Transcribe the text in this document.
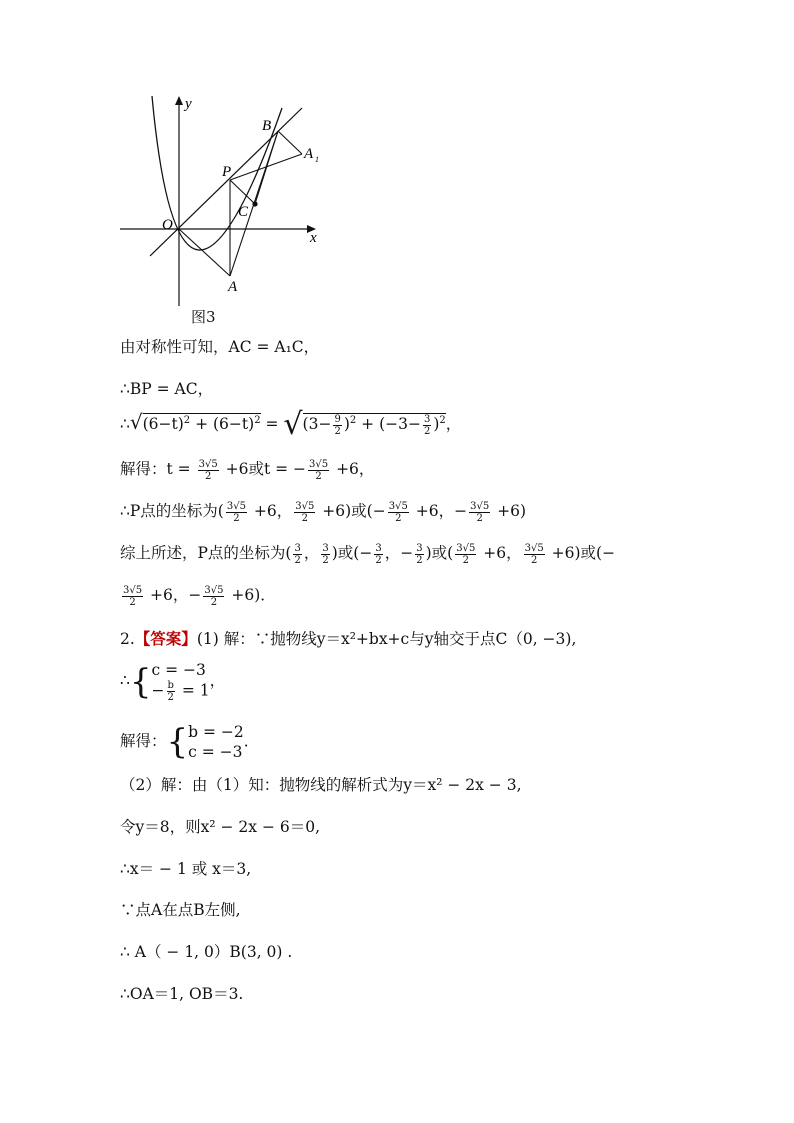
y
x
O
P
B
A 1
C
A
图3
由对称性可知，AC = A₁C，
∴BP = AC，
$\therefore√(6-t)^2 + (6-t)^2 = √(3- \frac{9}{2} )^2 + (-3- \frac{3}{2} )^2$，
解得：$t = \frac{3√5}{2} +6$或t = − $\frac{3√5}{2} +6$，
∴P点的坐标为( $\frac{3√5}{2} +6$， $\frac{3√5}{2} +6$)或(− $\frac{3√5}{2} +6$，− $\frac{3√5}{2} +6$)
综上所述，P点的坐标为( $\frac{3}{2}$ ， $\frac{3}{2}$ )或(− $\frac{3}{2}$ ，− $\frac{3}{2}$ )或( $\frac{3√5}{2} +6$， $\frac{3√5}{2} +6$)或(−
$\frac{3√5}{2} +6$，− $\frac{3√5}{2} +6$)．
2.【答案】(1) 解：∵抛物线y＝x²+bx+c与y轴交于点C（0, −3),
∴{ c = −3
− $\frac{b}{2} = 1$
，
解得：{ b = −2
c = −3
．
（2）解：由（1）知：抛物线的解析式为y＝x² − 2x − 3,
令y＝8，则x² − 2x − 6＝0,
∴x＝ − 1 或 x＝3,
∵点A在点B左侧,
∴ A（ − 1, 0）B(3, 0) .
∴OA＝1, OB＝3.
